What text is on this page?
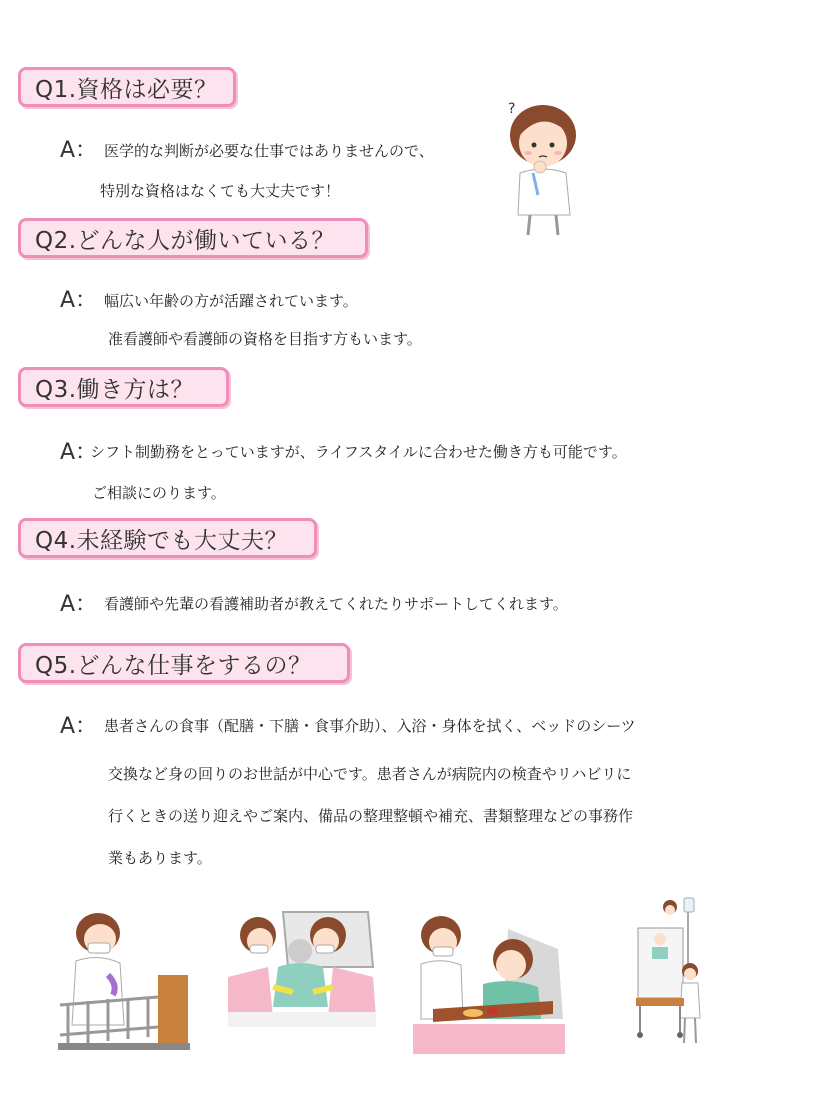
Q1.資格は必要？
A： 医学的な判断が必要な仕事ではありませんので、
特別な資格はなくても大丈夫です！
?
Q2.どんな人が働いている？
A： 幅広い年齢の方が活躍されています。
准看護師や看護師の資格を目指す方もいます。
Q3.働き方は？
A：
シフト制勤務をとっていますが、ライフスタイルに合わせた働き方も可能です。
ご相談にのります。
Q4.未経験でも大丈夫？
A： 看護師や先輩の看護補助者が教えてくれたりサポートしてくれます。
Q5.どんな仕事をするの？
A： 患者さんの食事（配膳・下膳・食事介助）、入浴・身体を拭く、ベッドのシーツ
交換など身の回りのお世話が中心です。患者さんが病院内の検査やリハビリに
行くときの送り迎えやご案内、備品の整理整頓や補充、書類整理などの事務作
業もあります。
